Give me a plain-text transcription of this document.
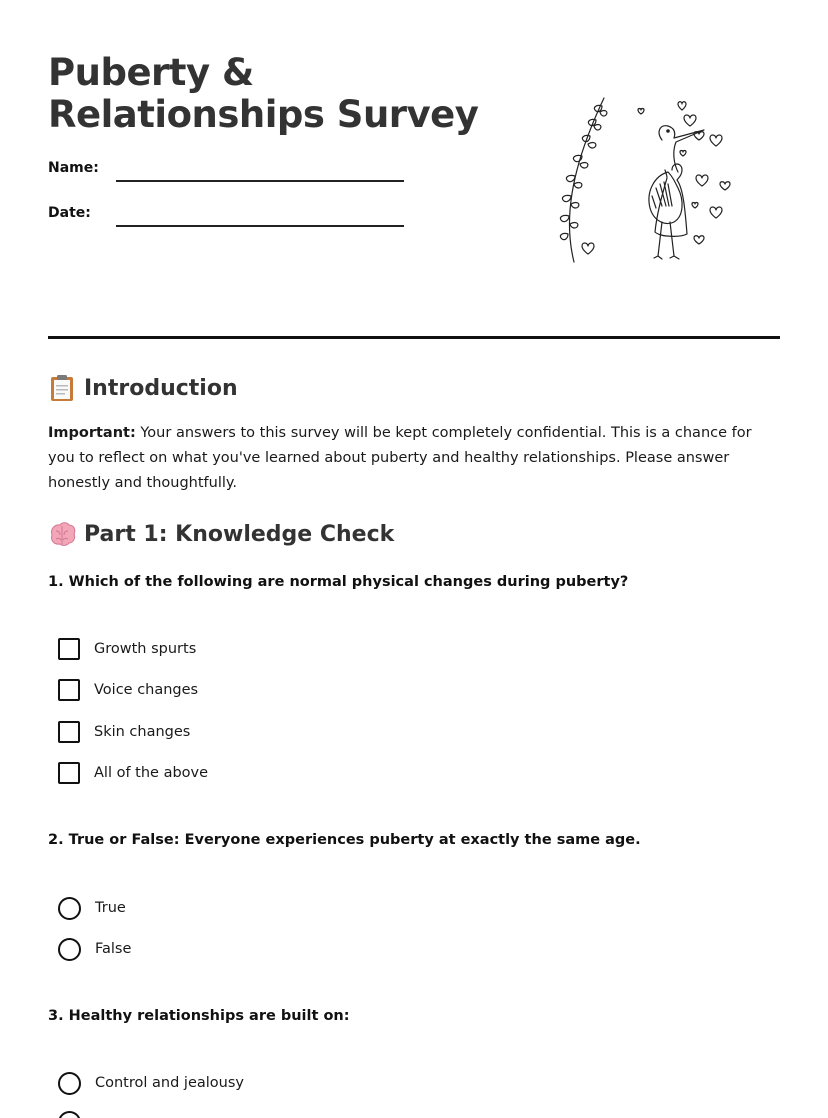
Puberty & Relationships Survey
Name:
Date:
Introduction

Important: Your answers to this survey will be kept completely confidential. This is a chance for you to reflect on what you've learned about puberty and healthy relationships. Please answer honestly and thoughtfully.

Part 1: Knowledge Check
1. Which of the following are normal physical changes during puberty?
Growth spurts
Voice changes
Skin changes
All of the above
2. True or False: Everyone experiences puberty at exactly the same age.
True
False
3. Healthy relationships are built on:
Control and jealousy
